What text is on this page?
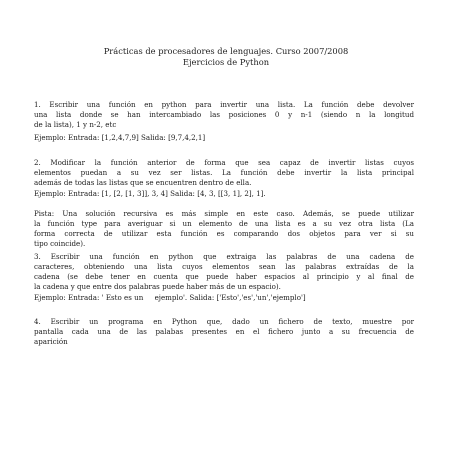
Prácticas de procesadores de lenguajes. Curso 2007/2008
Ejercicios de Python
1. Escribir una función en python para invertir una lista. La función debe devolver
una lista donde se han intercambiado las posiciones 0 y n-1 (siendo n la longitud
de la lista), 1 y n-2, etc
Ejemplo: Entrada: [1,2,4,7,9] Salida: [9,7,4,2,1]
2. Modificar la función anterior de forma que sea capaz de invertir listas cuyos
elementos puedan a su vez ser listas. La función debe invertir la lista principal
además de todas las listas que se encuentren dentro de ella.
Ejemplo: Entrada: [1, [2, [1, 3]], 3, 4] Salida: [4, 3, [[3, 1], 2], 1].
Pista: Una solución recursiva es más simple en este caso. Además, se puede utilizar
la función type para averiguar si un elemento de una lista es a su vez otra lista (La
forma correcta de utilizar esta función es comparando dos objetos para ver si su
tipo coincide).
3. Escribir una función en python que extraiga las palabras de una cadena de
caracteres, obteniendo una lista cuyos elementos sean las palabras extraídas de la
cadena (se debe tener en cuenta que puede haber espacios al principio y al final de
la cadena y que entre dos palabras puede haber más de un espacio).
Ejemplo: Entrada: ' Esto es un     ejemplo'. Salida: ['Esto','es','un','ejemplo']
4. Escribir un programa en Python que, dado un fichero de texto, muestre por
pantalla cada una de las palabas presentes en el fichero junto a su frecuencia de
aparición
